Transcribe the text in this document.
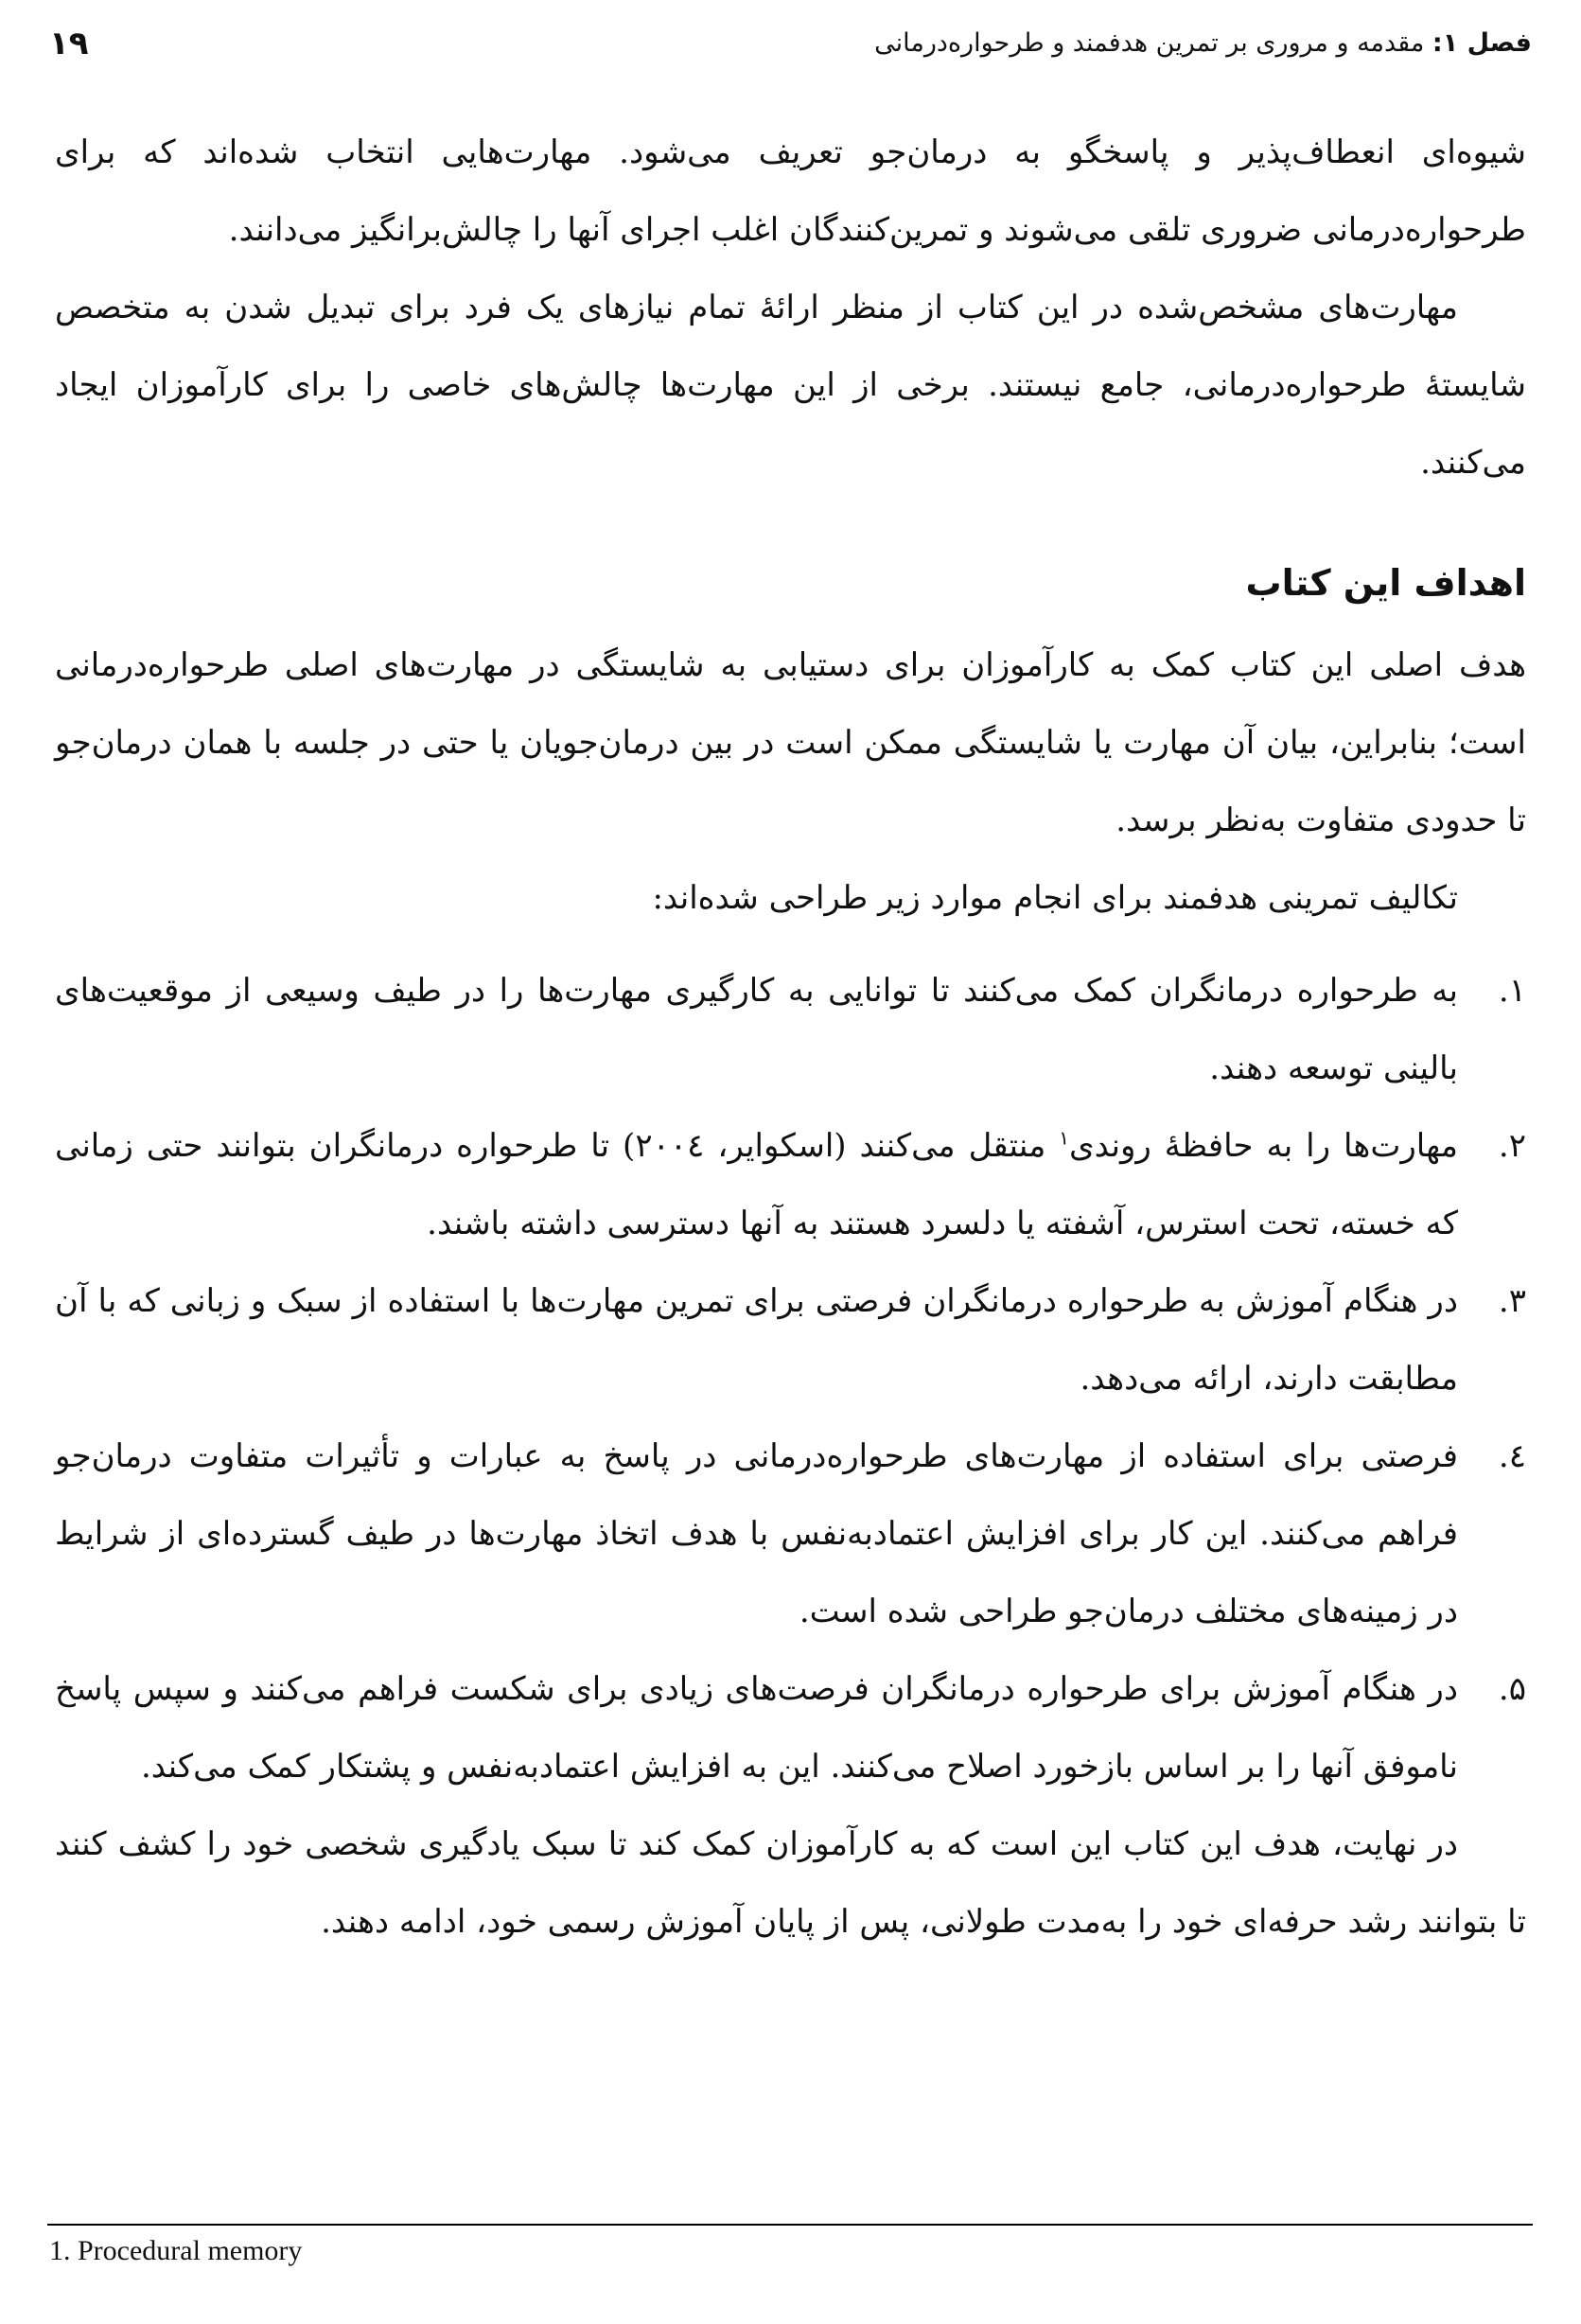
فصل ۱: مقدمه و مروری بر تمرین هدفمند و طرحواره‌درمانی
۱۹

شیوه‌ای انعطاف‌پذیر و پاسخگو به درمان‌جو تعریف می‌شود. مهارت‌هایی انتخاب شده‌اند که برای طرحواره‌درمانی ضروری تلقی می‌شوند و تمرین‌کنندگان اغلب اجرای آنها را چالش‌برانگیز می‌دانند.

مهارت‌های مشخص‌شده در این کتاب از منظر ارائهٔ تمام نیازهای یک فرد برای تبدیل شدن به متخصص شایستهٔ طرحواره‌درمانی، جامع نیستند. برخی از این مهارت‌ها چالش‌های خاصی را برای کارآموزان ایجاد می‌کنند.

اهداف این کتاب

هدف اصلی این کتاب کمک به کارآموزان برای دستیابی به شایستگی در مهارت‌های اصلی طرحواره‌درمانی است؛ بنابراین، بیان آن مهارت یا شایستگی ممکن است در بین درمان‌جویان یا حتی در جلسه با همان درمان‌جو تا حدودی متفاوت به‌نظر برسد.

تکالیف تمرینی هدفمند برای انجام موارد زیر طراحی شده‌اند:

۱.
به طرحواره درمانگران کمک می‌کنند تا توانایی به کارگیری مهارت‌ها را در طیف وسیعی از موقعیت‌های بالینی توسعه دهند.
۲.
مهارت‌ها را به حافظهٔ روندی$^۱$ منتقل می‌کنند (اسکوایر، ۲۰۰٤) تا طرحواره درمانگران بتوانند حتی زمانی که خسته، تحت استرس، آشفته یا دلسرد هستند به آنها دسترسی داشته باشند.
۳.
در هنگام آموزش به طرحواره درمانگران فرصتی برای تمرین مهارت‌ها با استفاده از سبک و زبانی که با آن مطابقت دارند، ارائه می‌دهد.
٤.
فرصتی برای استفاده از مهارت‌های طرحواره‌درمانی در پاسخ به عبارات و تأثیرات متفاوت درمان‌جو فراهم می‌کنند. این کار برای افزایش اعتمادبه‌نفس با هدف اتخاذ مهارت‌ها در طیف گسترده‌ای از شرایط در زمینه‌های مختلف درمان‌جو طراحی شده است.
۵.
در هنگام آموزش برای طرحواره درمانگران فرصت‌های زیادی برای شکست فراهم می‌کنند و سپس پاسخ ناموفق آنها را بر اساس بازخورد اصلاح می‌کنند. این به افزایش اعتمادبه‌نفس و پشتکار کمک می‌کند.

در نهایت، هدف این کتاب این است که به کارآموزان کمک کند تا سبک یادگیری شخصی خود را کشف کنند تا بتوانند رشد حرفه‌ای خود را به‌مدت طولانی، پس از پایان آموزش رسمی خود، ادامه دهند.

1. Procedural memory
